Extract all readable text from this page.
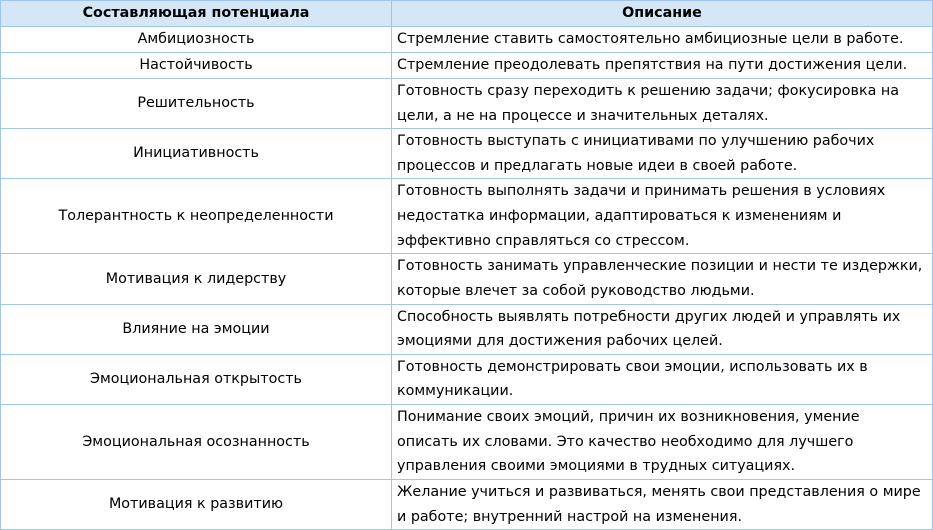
Составляющая потенциала	Описание
Амбициозность	Стремление ставить самостоятельно амбициозные цели в работе.
Настойчивость	Стремление преодолевать препятствия на пути достижения цели.
Решительность	Готовность сразу переходить к решению задачи; фокусировка на цели, а не на процессе и значительных деталях.
Инициативность	Готовность выступать с инициативами по улучшению рабочих процессов и предлагать новые идеи в своей работе.
Толерантность к неопределенности	Готовность выполнять задачи и принимать решения в условиях недостатка информации, адаптироваться к изменениям и эффективно справляться со стрессом.
Мотивация к лидерству	Готовность занимать управленческие позиции и нести те издержки, которые влечет за собой руководство людьми.
Влияние на эмоции	Способность выявлять потребности других людей и управлять их эмоциями для достижения рабочих целей.
Эмоциональная открытость	Готовность демонстрировать свои эмоции, использовать их в коммуникации.
Эмоциональная осознанность	Понимание своих эмоций, причин их возникновения, умение описать их словами. Это качество необходимо для лучшего управления своими эмоциями в трудных ситуациях.
Мотивация к развитию	Желание учиться и развиваться, менять свои представления о мире и работе; внутренний настрой на изменения.
